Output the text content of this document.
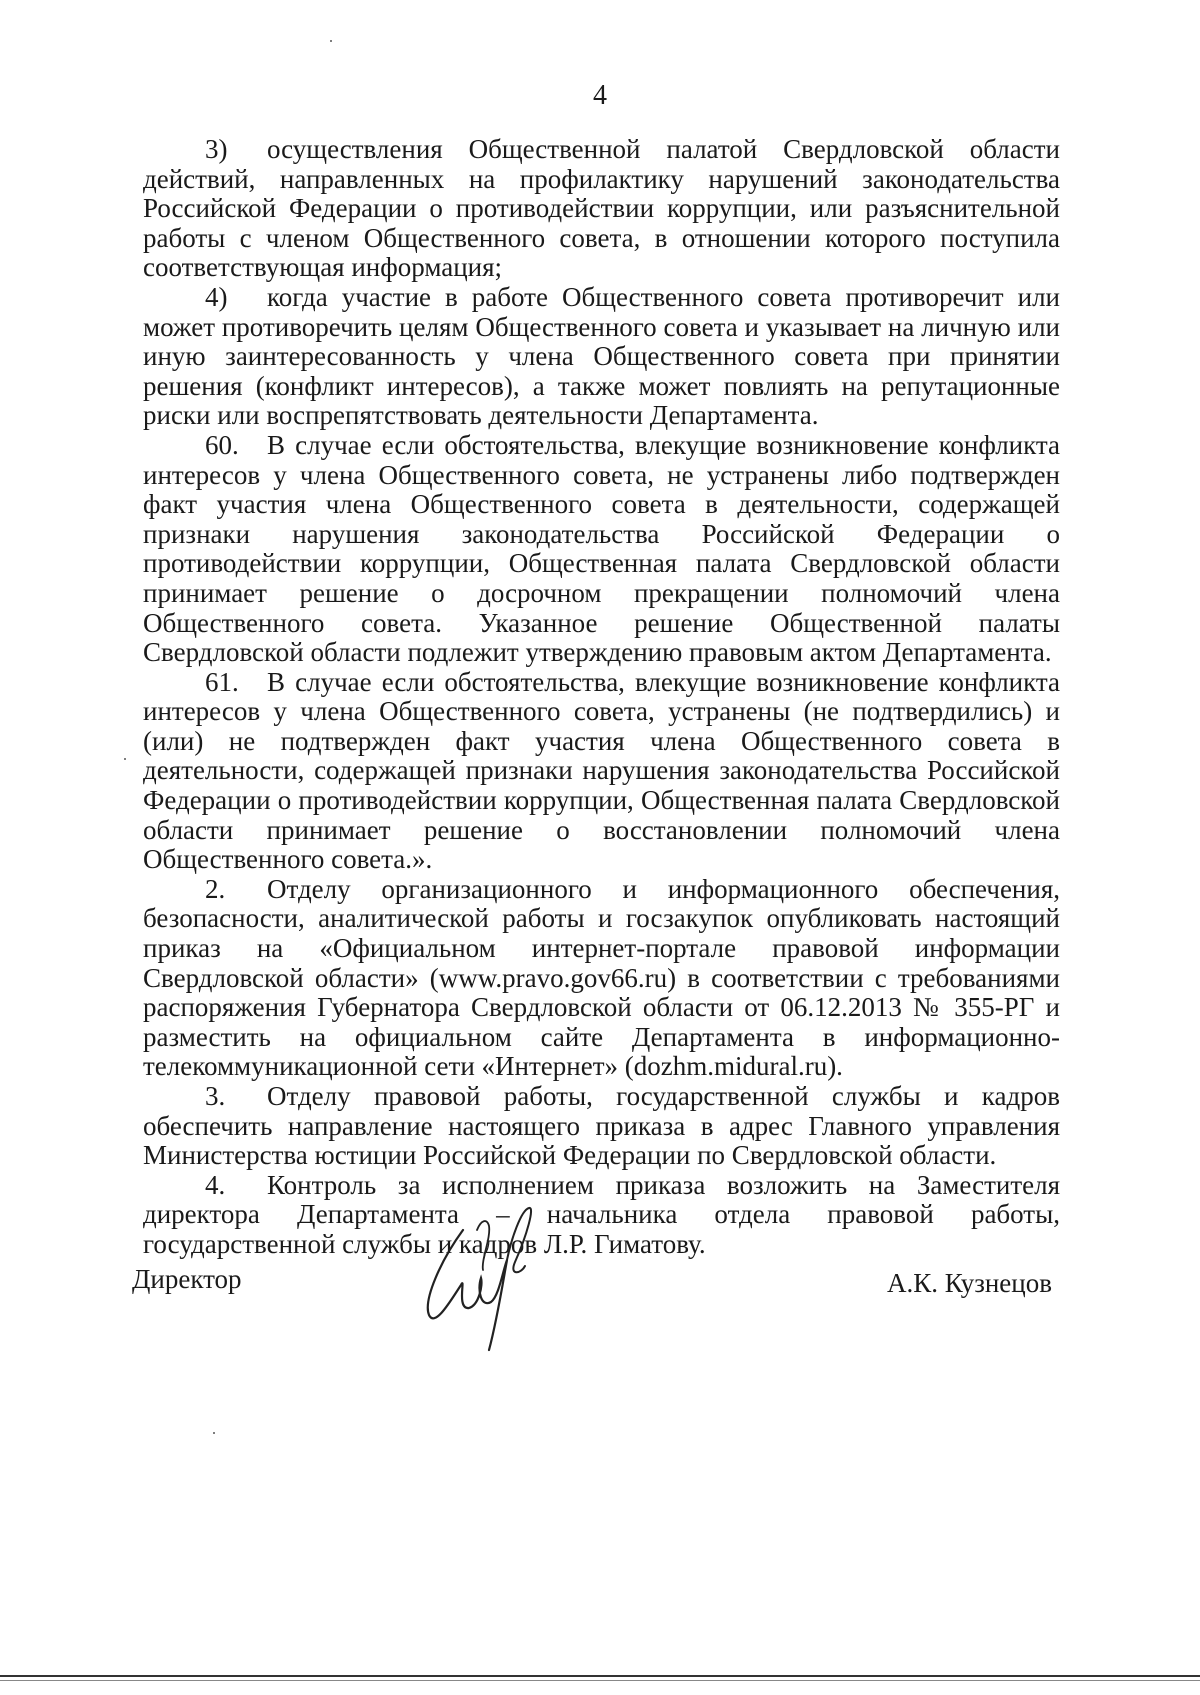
4

3) осуществления Общественной палатой Свердловской области действий, направленных на профилактику нарушений законодательства Российской Федерации о противодействии коррупции, или разъяснительной работы с членом Общественного совета, в отношении которого поступила соответствующая информация;

4) когда участие в работе Общественного совета противоречит или может противоречить целям Общественного совета и указывает на личную или иную заинтересованность у члена Общественного совета при принятии решения (конфликт интересов), а также может повлиять на репутационные риски или воспрепятствовать деятельности Департамента.

60. В случае если обстоятельства, влекущие возникновение конфликта интересов у члена Общественного совета, не устранены либо подтвержден факт участия члена Общественного совета в деятельности, содержащей признаки нарушения законодательства Российской Федерации о противодействии коррупции, Общественная палата Свердловской области принимает решение о досрочном прекращении полномочий члена Общественного совета. Указанное решение Общественной палаты Свердловской области подлежит утверждению правовым актом Департамента.

61. В случае если обстоятельства, влекущие возникновение конфликта интересов у члена Общественного совета, устранены (не подтвердились) и (или) не подтвержден факт участия члена Общественного совета в деятельности, содержащей признаки нарушения законодательства Российской Федерации о противодействии коррупции, Общественная палата Свердловской области принимает решение о восстановлении полномочий члена Общественного совета.».

2. Отделу организационного и информационного обеспечения, безопасности, аналитической работы и госзакупок опубликовать настоящий приказ на «Официальном интернет-портале правовой информации Свердловской области» (www.pravo.gov66.ru) в соответствии с требованиями распоряжения Губернатора Свердловской области от 06.12.2013 № 355-РГ и разместить на официальном сайте Департамента в информационно-телекоммуникационной сети «Интернет» (dozhm.midural.ru).

3. Отделу правовой работы, государственной службы и кадров обеспечить направление настоящего приказа в адрес Главного управления Министерства юстиции Российской Федерации по Свердловской области.

4. Контроль за исполнением приказа возложить на Заместителя директора Департамента – начальника отдела правовой работы, государственной службы и кадров Л.Р. Гиматову.

Директор	А.К. Кузнецов
